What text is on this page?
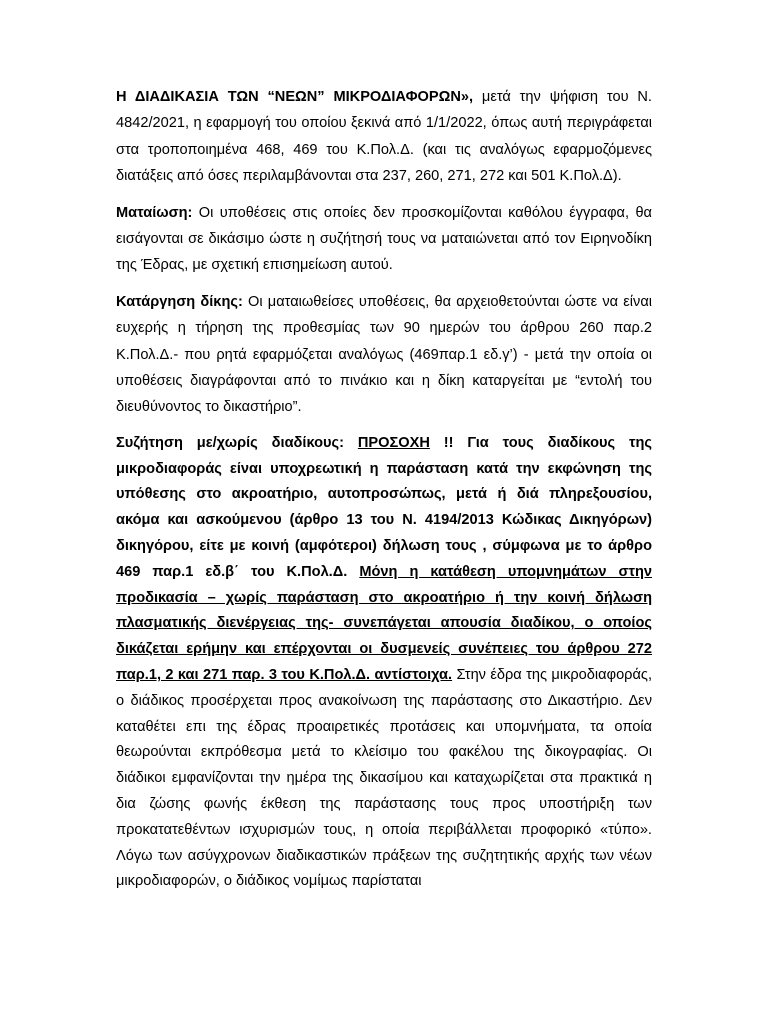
Η ΔΙΑΔΙΚΑΣΙΑ ΤΩΝ “ΝΕΩΝ” ΜΙΚΡΟΔΙΑΦΟΡΩΝ», μετά την ψήφιση του Ν. 4842/2021, η εφαρμογή του οποίου ξεκινά από 1/1/2022, όπως αυτή περιγράφεται στα τροποποιημένα 468, 469 του Κ.Πολ.Δ. (και τις αναλόγως εφαρμοζόμενες διατάξεις από όσες περιλαμβάνονται στα 237, 260, 271, 272 και 501 Κ.Πολ.Δ).

Ματαίωση: Οι υποθέσεις στις οποίες δεν προσκομίζονται καθόλου έγγραφα, θα εισάγονται σε δικάσιμο ώστε η συζήτησή τους να ματαιώνεται από τον Ειρηνοδίκη της Έδρας, με σχετική επισημείωση αυτού.

Κατάργηση δίκης: Οι ματαιωθείσες υποθέσεις, θα αρχειοθετούνται ώστε να είναι ευχερής η τήρηση της προθεσμίας των 90 ημερών του άρθρου 260 παρ.2 Κ.Πολ.Δ.- που ρητά εφαρμόζεται αναλόγως (469παρ.1 εδ.γ’) - μετά την οποία οι υποθέσεις διαγράφονται από το πινάκιο και η δίκη καταργείται με “εντολή του διευθύνοντος το δικαστήριο”.

Συζήτηση με/χωρίς διαδίκους: ΠΡΟΣΟΧΗ !! Για τους διαδίκους της μικροδιαφοράς είναι υποχρεωτική η παράσταση κατά την εκφώνηση της υπόθεσης στο ακροατήριο, αυτοπροσώπως, μετά ή διά πληρεξουσίου, ακόμα και ασκούμενου (άρθρο 13 του Ν. 4194/2013 Κώδικας Δικηγόρων) δικηγόρου, είτε με κοινή (αμφότεροι) δήλωση τους , σύμφωνα με το άρθρο 469 παρ.1 εδ.β΄ του Κ.Πολ.Δ. Μόνη η κατάθεση υπομνημάτων στην προδικασία – χωρίς παράσταση στο ακροατήριο ή την κοινή δήλωση πλασματικής διενέργειας της- συνεπάγεται απουσία διαδίκου, ο οποίος δικάζεται ερήμην και επέρχονται οι δυσμενείς συνέπειες του άρθρου 272 παρ.1, 2 και 271 παρ. 3 του Κ.Πολ.Δ. αντίστοιχα. Στην έδρα της μικροδιαφοράς, ο διάδικος προσέρχεται προς ανακοίνωση της παράστασης στο Δικαστήριο. Δεν καταθέτει επι της έδρας προαιρετικές προτάσεις και υπομνήματα, τα οποία θεωρούνται εκπρόθεσμα μετά το κλείσιμο του φακέλου της δικογραφίας. Οι διάδικοι εμφανίζονται την ημέρα της δικασίμου και καταχωρίζεται στα πρακτικά η δια ζώσης φωνής έκθεση της παράστασης τους προς υποστήριξη των προκατατεθέντων ισχυρισμών τους, η οποία περιβάλλεται προφορικό «τύπο». Λόγω των ασύγχρονων διαδικαστικών πράξεων της συζητητικής αρχής των νέων μικροδιαφορών, ο διάδικος νομίμως παρίσταται
